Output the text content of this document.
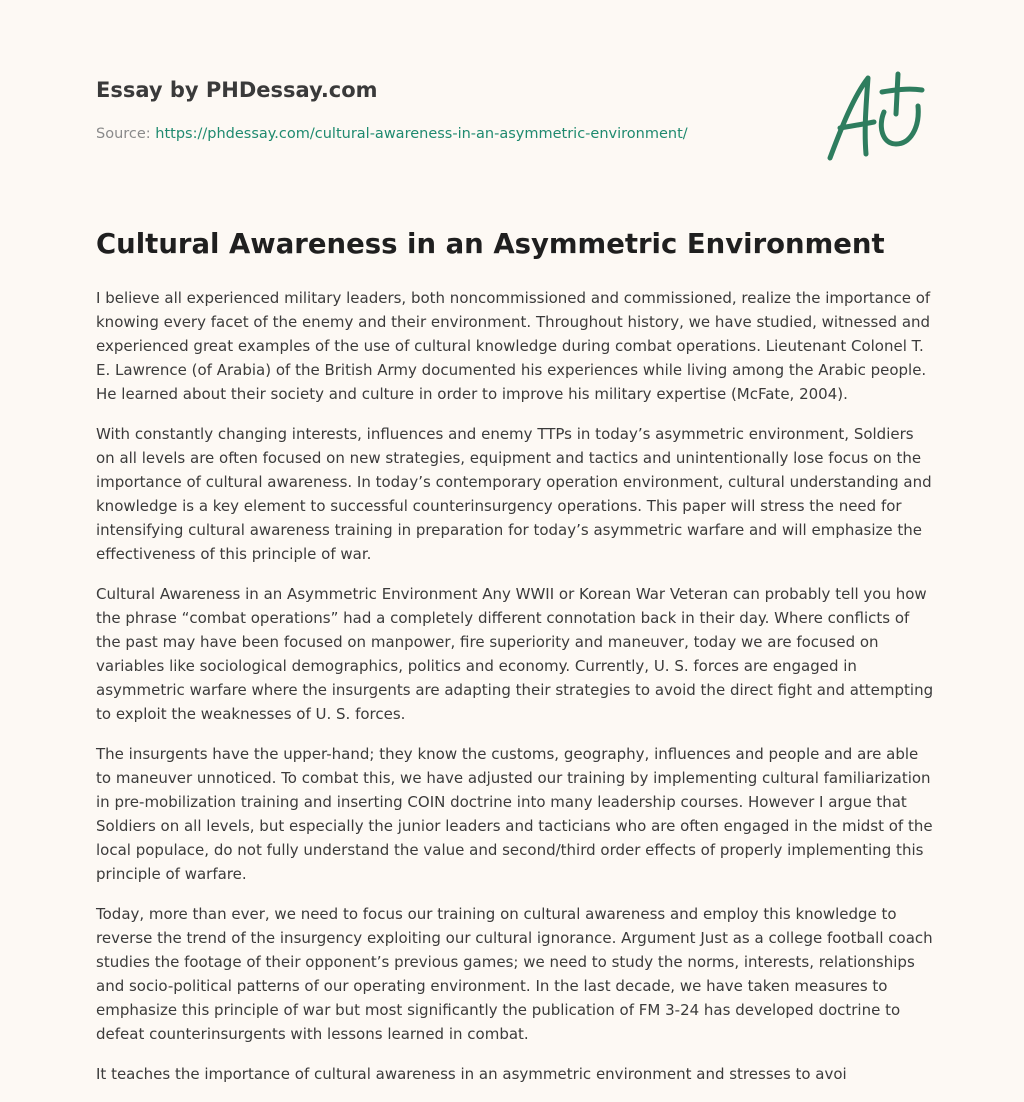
Essay by PHDessay.com
Source: https://phdessay.com/cultural-awareness-in-an-asymmetric-environment/
Cultural Awareness in an Asymmetric Environment

I believe all experienced military leaders, both noncommissioned and commissioned, realize the importance of knowing every facet of the enemy and their environment. Throughout history, we have studied, witnessed and experienced great examples of the use of cultural knowledge during combat operations. Lieutenant Colonel T. E. Lawrence (of Arabia) of the British Army documented his experiences while living among the Arabic people. He learned about their society and culture in order to improve his military expertise (McFate, 2004).

With constantly changing interests, influences and enemy TTPs in today’s asymmetric environment, Soldiers on all levels are often focused on new strategies, equipment and tactics and unintentionally lose focus on the importance of cultural awareness. In today’s contemporary operation environment, cultural understanding and knowledge is a key element to successful counterinsurgency operations. This paper will stress the need for intensifying cultural awareness training in preparation for today’s asymmetric warfare and will emphasize the effectiveness of this principle of war.

Cultural Awareness in an Asymmetric Environment Any WWII or Korean War Veteran can probably tell you how the phrase “combat operations” had a completely different connotation back in their day. Where conflicts of the past may have been focused on manpower, fire superiority and maneuver, today we are focused on variables like sociological demographics, politics and economy. Currently, U. S. forces are engaged in asymmetric warfare where the insurgents are adapting their strategies to avoid the direct fight and attempting to exploit the weaknesses of U. S. forces.

The insurgents have the upper-hand; they know the customs, geography, influences and people and are able to maneuver unnoticed. To combat this, we have adjusted our training by implementing cultural familiarization in pre-mobilization training and inserting COIN doctrine into many leadership courses. However I argue that Soldiers on all levels, but especially the junior leaders and tacticians who are often engaged in the midst of the local populace, do not fully understand the value and second/third order effects of properly implementing this principle of warfare.

Today, more than ever, we need to focus our training on cultural awareness and employ this knowledge to reverse the trend of the insurgency exploiting our cultural ignorance. Argument Just as a college football coach studies the footage of their opponent’s previous games; we need to study the norms, interests, relationships and socio-political patterns of our operating environment. In the last decade, we have taken measures to emphasize this principle of war but most significantly the publication of FM 3-24 has developed doctrine to defeat counterinsurgents with lessons learned in combat.

It teaches the importance of cultural awareness in an asymmetric environment and stresses to avoi
